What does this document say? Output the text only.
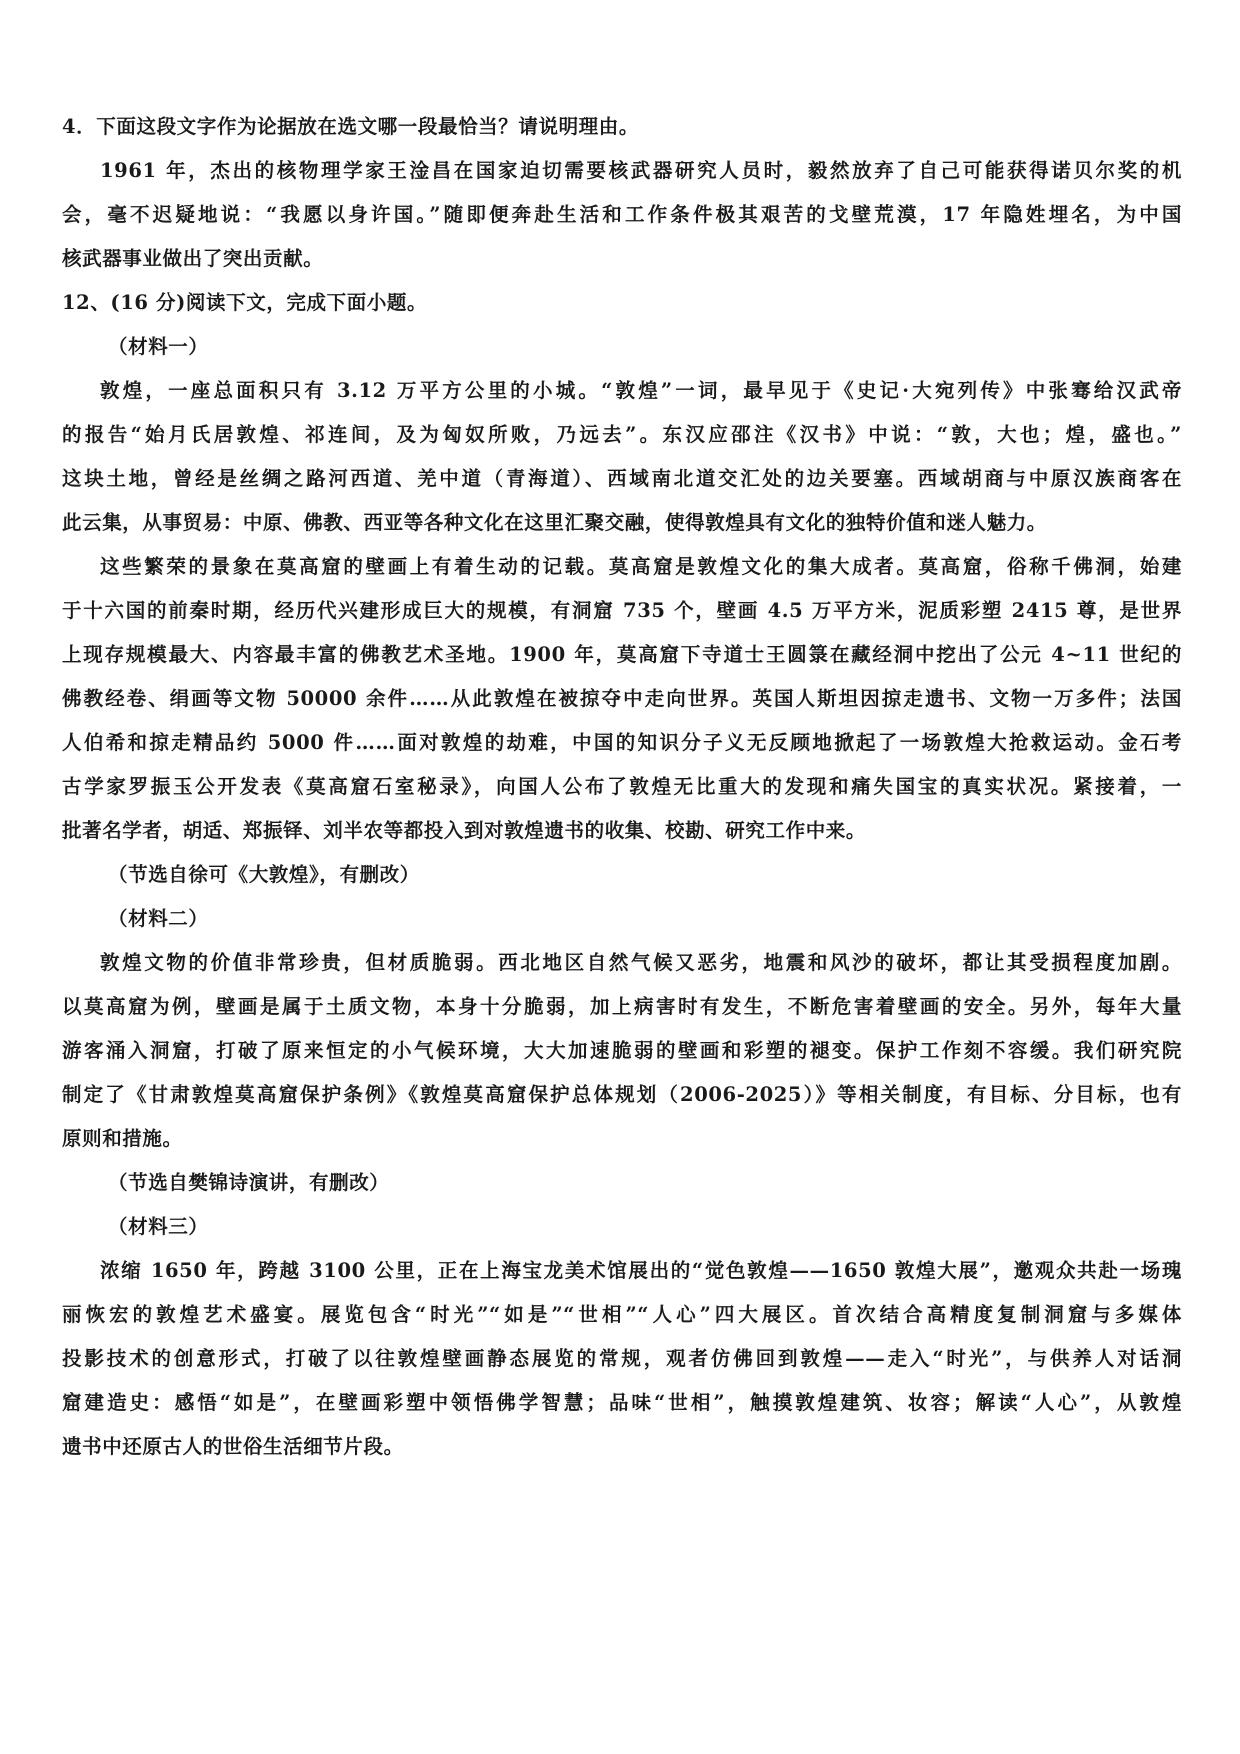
4．下面这段文字作为论据放在选文哪一段最恰当？请说明理由。
1961 年，杰出的核物理学家王淦昌在国家迫切需要核武器研究人员时，毅然放弃了自己可能获得诺贝尔奖的机
会，毫不迟疑地说：“我愿以身许国。”随即便奔赴生活和工作条件极其艰苦的戈壁荒漠，17 年隐姓埋名，为中国
核武器事业做出了突出贡献。
12、(16 分)阅读下文，完成下面小题。
（材料一）
敦煌，一座总面积只有 3.12 万平方公里的小城。“敦煌”一词，最早见于《史记·大宛列传》中张骞给汉武帝
的报告“始月氏居敦煌、祁连间，及为匈奴所败，乃远去”。东汉应邵注《汉书》中说：“敦，大也；煌，盛也。”
这块土地，曾经是丝绸之路河西道、羌中道（青海道）、西域南北道交汇处的边关要塞。西域胡商与中原汉族商客在
此云集，从事贸易：中原、佛教、西亚等各种文化在这里汇聚交融，使得敦煌具有文化的独特价值和迷人魅力。
这些繁荣的景象在莫高窟的壁画上有着生动的记载。莫高窟是敦煌文化的集大成者。莫高窟，俗称千佛洞，始建
于十六国的前秦时期，经历代兴建形成巨大的规模，有洞窟 735 个，壁画 4.5 万平方米，泥质彩塑 2415 尊，是世界
上现存规模最大、内容最丰富的佛教艺术圣地。1900 年，莫高窟下寺道士王圆箓在藏经洞中挖出了公元 4~11 世纪的
佛教经卷、绢画等文物 50000 余件……从此敦煌在被掠夺中走向世界。英国人斯坦因掠走遗书、文物一万多件；法国
人伯希和掠走精品约 5000 件……面对敦煌的劫难，中国的知识分子义无反顾地掀起了一场敦煌大抢救运动。金石考
古学家罗振玉公开发表《莫高窟石室秘录》，向国人公布了敦煌无比重大的发现和痛失国宝的真实状况。紧接着，一
批著名学者，胡适、郑振铎、刘半农等都投入到对敦煌遗书的收集、校勘、研究工作中来。
（节选自徐可《大敦煌》，有删改）
（材料二）
敦煌文物的价值非常珍贵，但材质脆弱。西北地区自然气候又恶劣，地震和风沙的破坏，都让其受损程度加剧。
以莫高窟为例，壁画是属于土质文物，本身十分脆弱，加上病害时有发生，不断危害着壁画的安全。另外，每年大量
游客涌入洞窟，打破了原来恒定的小气候环境，大大加速脆弱的壁画和彩塑的褪变。保护工作刻不容缓。我们研究院
制定了《甘肃敦煌莫高窟保护条例》《敦煌莫高窟保护总体规划（2006-2025）》等相关制度，有目标、分目标，也有
原则和措施。
（节选自樊锦诗演讲，有删改）
（材料三）
浓缩 1650 年，跨越 3100 公里，正在上海宝龙美术馆展出的“觉色敦煌——1650 敦煌大展”，邀观众共赴一场瑰
丽恢宏的敦煌艺术盛宴。展览包含“时光”“如是”“世相”“人心”四大展区。首次结合高精度复制洞窟与多媒体
投影技术的创意形式，打破了以往敦煌壁画静态展览的常规，观者仿佛回到敦煌——走入“时光”，与供养人对话洞
窟建造史：感悟“如是”，在壁画彩塑中领悟佛学智慧；品味“世相”，触摸敦煌建筑、妆容；解读“人心”，从敦煌
遗书中还原古人的世俗生活细节片段。
